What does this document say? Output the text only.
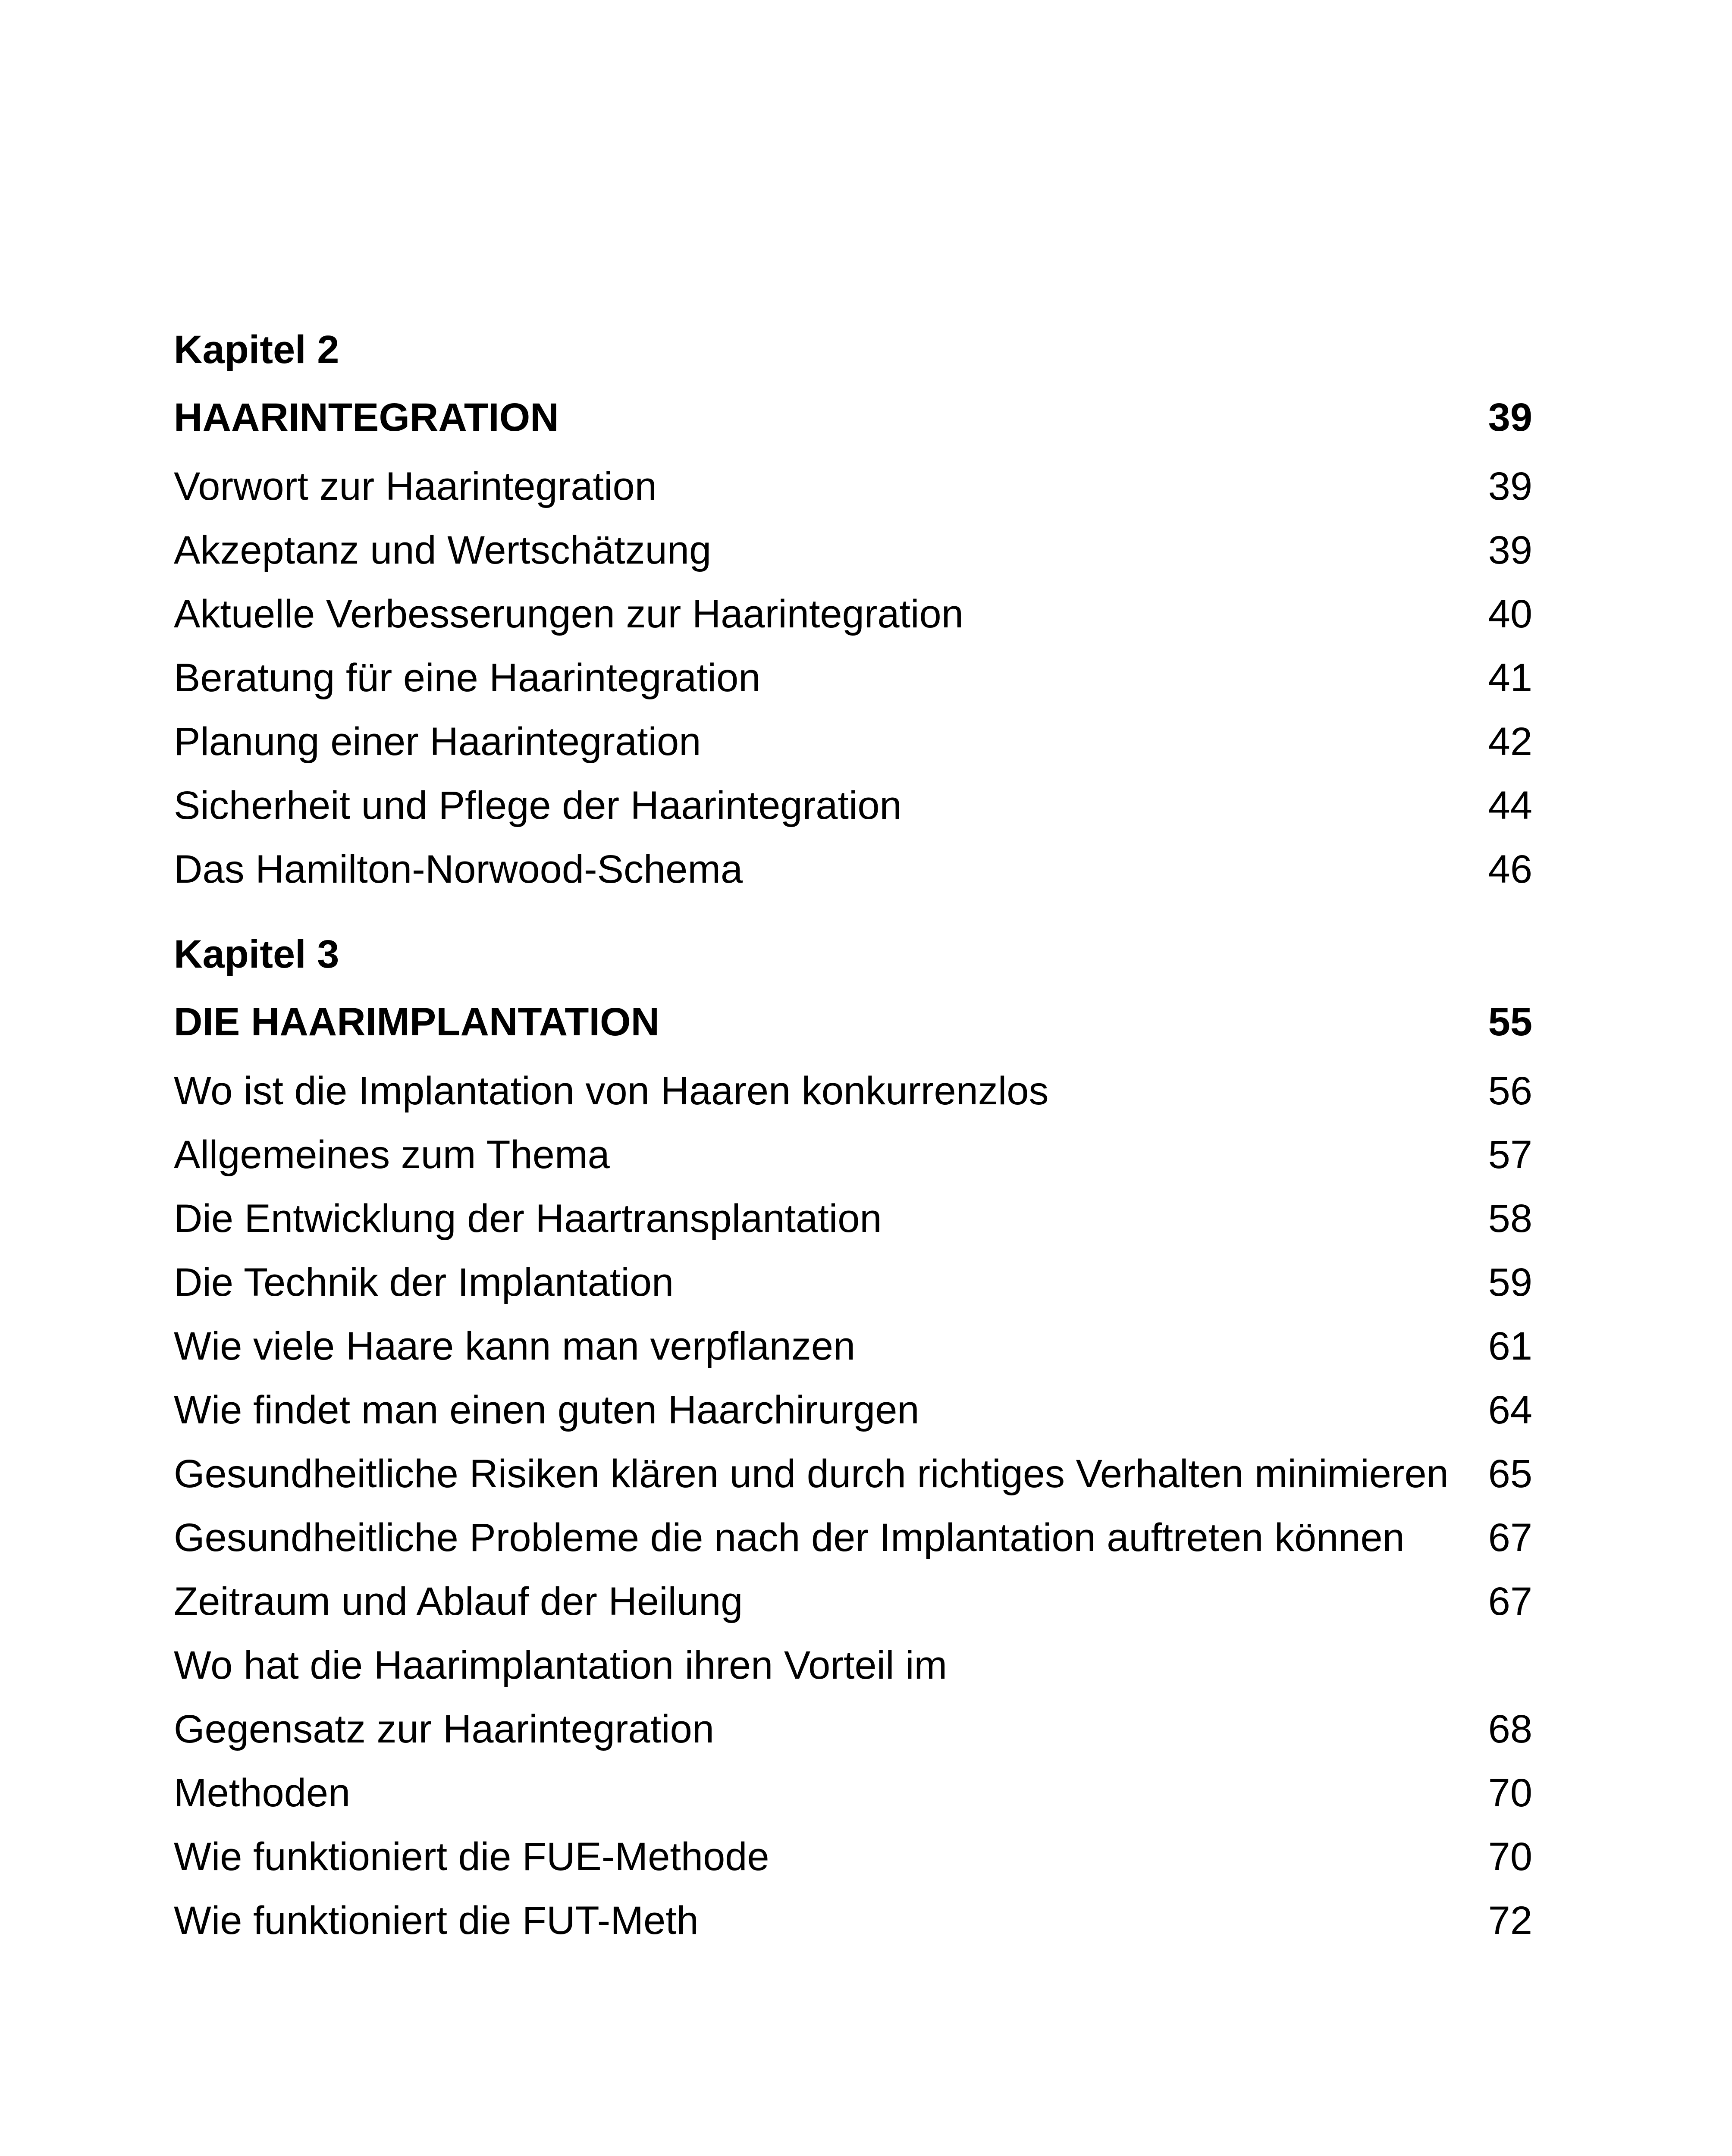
Kapitel 2
HAARINTEGRATION	39
Vorwort zur Haarintegration	39
Akzeptanz und Wertschätzung	39
Aktuelle Verbesserungen zur Haarintegration	40
Beratung für eine Haarintegration	41
Planung einer Haarintegration	42
Sicherheit und Pflege der Haarintegration	44
Das Hamilton-Norwood-Schema	46
Kapitel 3
DIE HAARIMPLANTATION	55
Wo ist die Implantation von Haaren konkurrenzlos	56
Allgemeines zum Thema	57
Die Entwicklung der Haartransplantation	58
Die Technik der Implantation	59
Wie viele Haare kann man verpflanzen	61
Wie findet man einen guten Haarchirurgen	64
Gesundheitliche Risiken klären und durch richtiges Verhalten minimieren 65
Gesundheitliche Probleme die nach der Implantation auftreten können	67
Zeitraum und Ablauf der Heilung	67
Wo hat die Haarimplantation ihren Vorteil im
Gegensatz zur Haarintegration	68
Methoden	70
Wie funktioniert die FUE-Methode	70
Wie funktioniert die FUT-Meth	72
